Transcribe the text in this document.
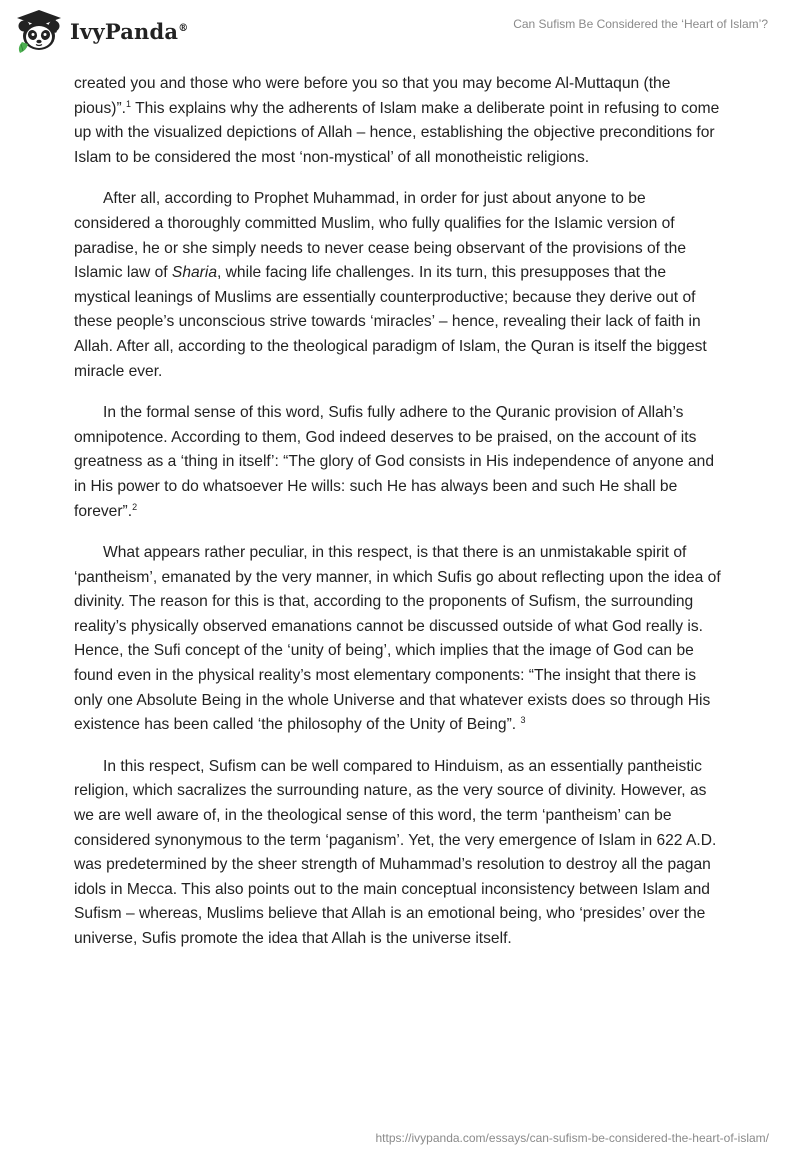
IvyPanda®	Can Sufism Be Considered the ‘Heart of Islam’?

created you and those who were before you so that you may become Al-Muttaqun (the pious)”.$^1$ This explains why the adherents of Islam make a deliberate point in refusing to come up with the visualized depictions of Allah – hence, establishing the objective preconditions for Islam to be considered the most ‘non-mystical’ of all monotheistic religions.

After all, according to Prophet Muhammad, in order for just about anyone to be considered a thoroughly committed Muslim, who fully qualifies for the Islamic version of paradise, he or she simply needs to never cease being observant of the provisions of the Islamic law of Sharia, while facing life challenges. In its turn, this presupposes that the mystical leanings of Muslims are essentially counterproductive; because they derive out of these people’s unconscious strive towards ‘miracles’ – hence, revealing their lack of faith in Allah. After all, according to the theological paradigm of Islam, the Quran is itself the biggest miracle ever.

In the formal sense of this word, Sufis fully adhere to the Quranic provision of Allah’s omnipotence. According to them, God indeed deserves to be praised, on the account of its greatness as a ‘thing in itself’: “The glory of God consists in His independence of anyone and in His power to do whatsoever He wills: such He has always been and such He shall be forever”.$^2$

What appears rather peculiar, in this respect, is that there is an unmistakable spirit of ‘pantheism’, emanated by the very manner, in which Sufis go about reflecting upon the idea of divinity. The reason for this is that, according to the proponents of Sufism, the surrounding reality’s physically observed emanations cannot be discussed outside of what God really is. Hence, the Sufi concept of the ‘unity of being’, which implies that the image of God can be found even in the physical reality’s most elementary components: “The insight that there is only one Absolute Being in the whole Universe and that whatever exists does so through His existence has been called ‘the philosophy of the Unity of Being”. $^3$

In this respect, Sufism can be well compared to Hinduism, as an essentially pantheistic religion, which sacralizes the surrounding nature, as the very source of divinity. However, as we are well aware of, in the theological sense of this word, the term ‘pantheism’ can be considered synonymous to the term ‘paganism’. Yet, the very emergence of Islam in 622 A.D. was predetermined by the sheer strength of Muhammad’s resolution to destroy all the pagan idols in Mecca. This also points out to the main conceptual inconsistency between Islam and Sufism – whereas, Muslims believe that Allah is an emotional being, who ‘presides’ over the universe, Sufis promote the idea that Allah is the universe itself.

https://ivypanda.com/essays/can-sufism-be-considered-the-heart-of-islam/
